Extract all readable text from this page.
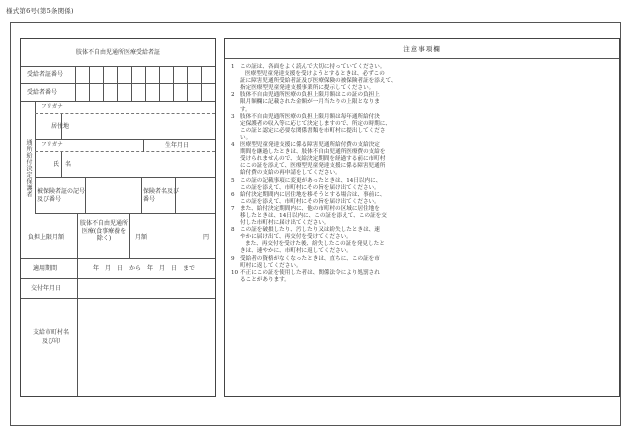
様式第6号(第5条関係)
肢体不自由児通所医療受給者証
受給者証番号
受給者番号
通所給付決定保護者
フリガナ
居住地
フリガナ	生年月日
氏　名
被保険者証の記号及び番号
保険者名及び番号
負担上限月額
肢体不自由児通所医療(食事療養を除く)	月額	円
適用期間	年　月　日　から　年　月　日　まで
交付年月日
支給市町村名及び印
注意事項欄
1 この証は、各面をよく読んで大切に持っていてください。
医療型児童発達支援を受けようとするときは、必ずこの
証に障害児通所受給者証及び医療保険の被保険者証を添えて、
指定医療型児童発達支援事業所に提示してください。
2 肢体不自由児通所医療の負担上限月額はこの証の負担上
限月額欄に記載された金額が一月当たりの上限となりま
す。
3 肢体不自由児通所医療の負担上限月額は毎年通所給付決
定保護者の収入等に応じて決定しますので、所定の時期に、
この証と認定に必要な関係書類を市町村に提出してくださ
い。
4 医療型児童発達支援に係る障害児通所給付費の支給決定
期間を継過したときは、肢体不自由児通所医療費の支給を
受けられませんので、支給決定期間を経過する前に市町村
にこの証を添えて、医療型児童発達支援に係る障害児通所
給付費の支給の再申請をしてください。
5 この証の記載事項に変更があったときは、14日以内に、
この証を添えて、市町村にその旨を届け出てください。
6 給付決定期間内に居住地を移そうとする場合は、事前に、
この証を添えて、市町村にその旨を届け出てください。
7 また、給付決定期間内に、他の市町村の区域に居住地を
移したときは、14日以内に、この証を添えて、この証を交
付した市町村に届け出てください。
8 この証を破損したり、汚したり又は紛失したときは、速
やかに届け出て、再交付を受けてください。
また、再交付を受けた後、紛失したこの証を発見したと
きは、速やかに、市町村に返してください。
9 受給者の資格がなくなったときは、直ちに、この証を市
町村に返してください。
10 不正にこの証を使用した者は、関係法令により処罰され
ることがあります。
